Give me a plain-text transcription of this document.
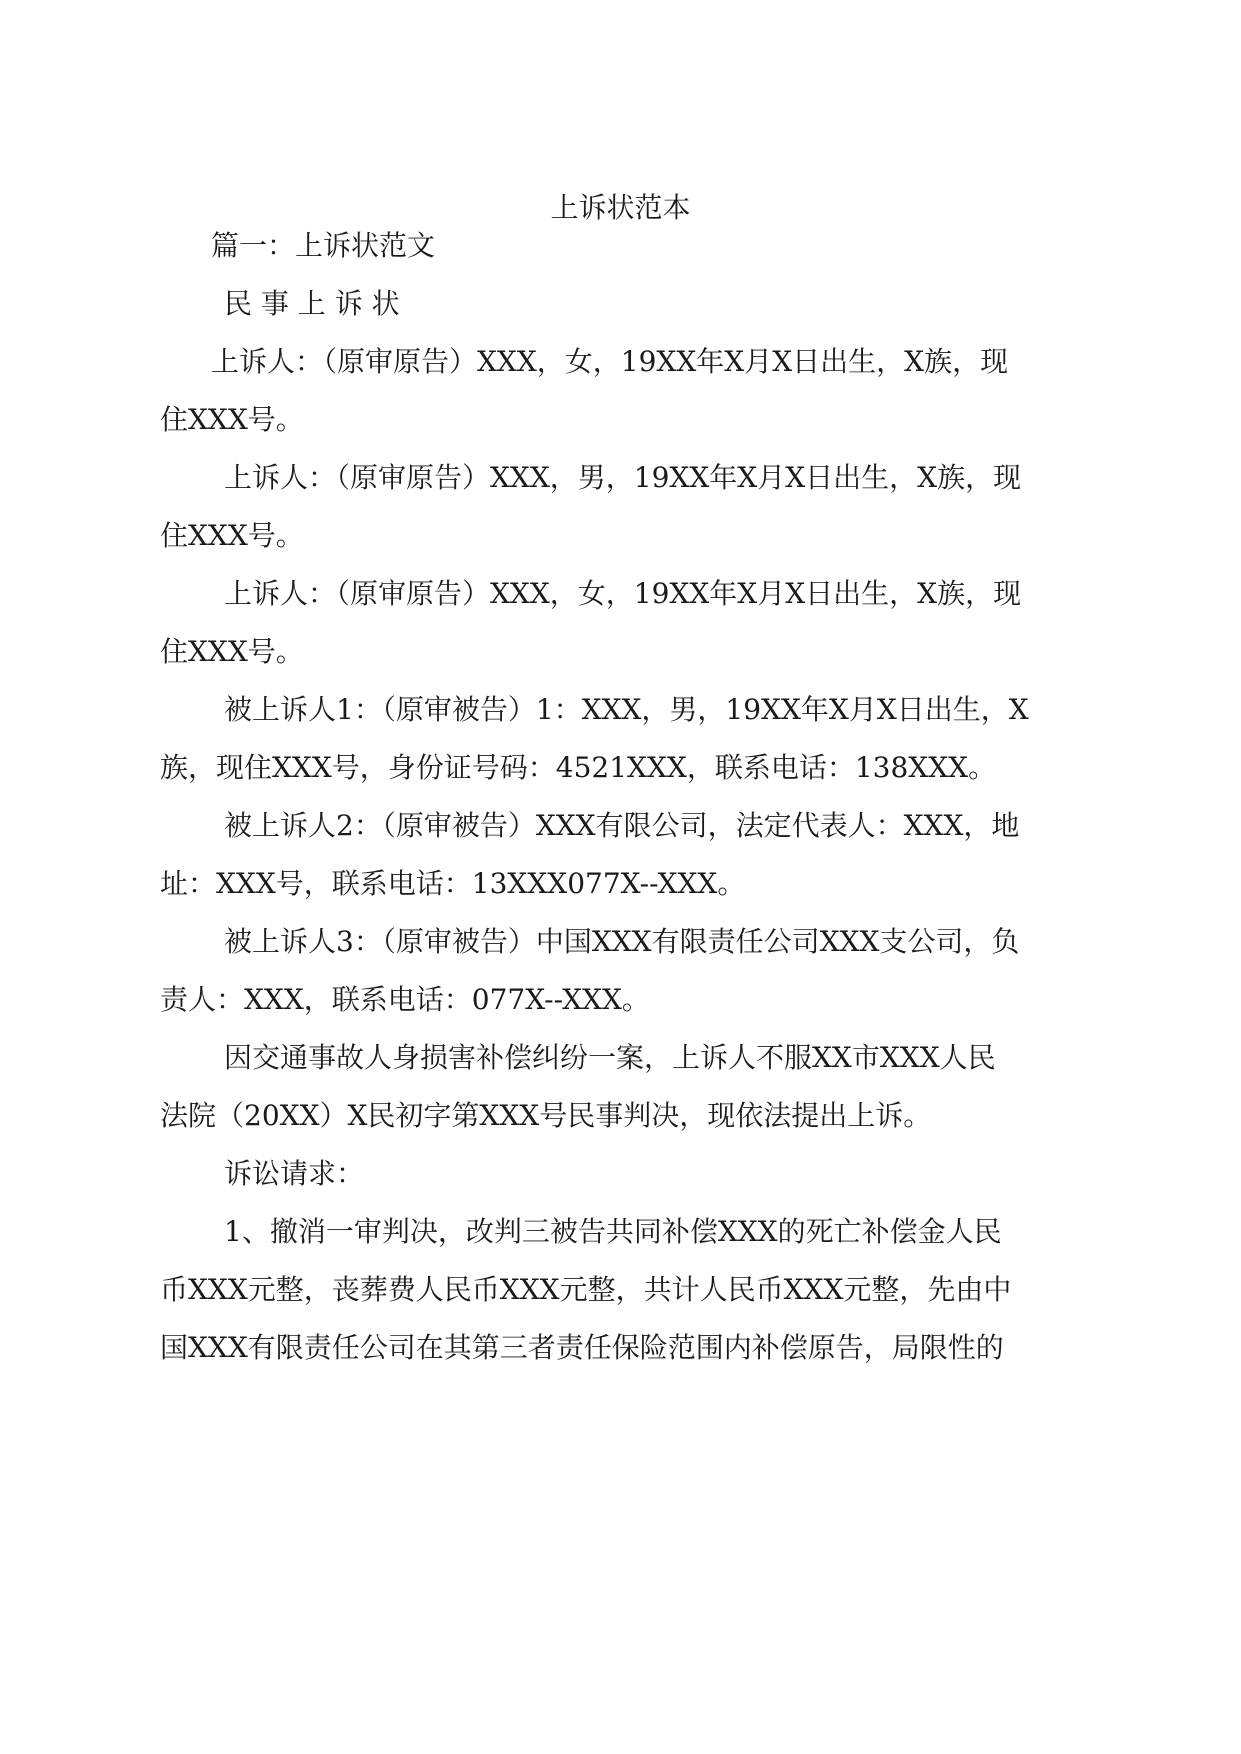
上诉状范本
篇一：上诉状范文
民 事 上 诉 状
上诉人：（原审原告）XXX，女，19XX年X月X日出生，X族，现
住XXX号。
上诉人：（原审原告）XXX，男，19XX年X月X日出生，X族，现
住XXX号。
上诉人：（原审原告）XXX，女，19XX年X月X日出生，X族，现
住XXX号。
被上诉人1：（原审被告）1：XXX，男，19XX年X月X日出生，X
族，现住XXX号，身份证号码：4521XXX，联系电话：138XXX。
被上诉人2：（原审被告）XXX有限公司，法定代表人：XXX，地
址：XXX号，联系电话：13XXX077X--XXX。
被上诉人3：（原审被告）中国XXX有限责任公司XXX支公司，负
责人：XXX，联系电话：077X--XXX。
因交通事故人身损害补偿纠纷一案，上诉人不服XX市XXX人民
法院（20XX）X民初字第XXX号民事判决，现依法提出上诉。
诉讼请求：
1、撤消一审判决，改判三被告共同补偿XXX的死亡补偿金人民
币XXX元整，丧葬费人民币XXX元整，共计人民币XXX元整，先由中
国XXX有限责任公司在其第三者责任保险范围内补偿原告，局限性的
